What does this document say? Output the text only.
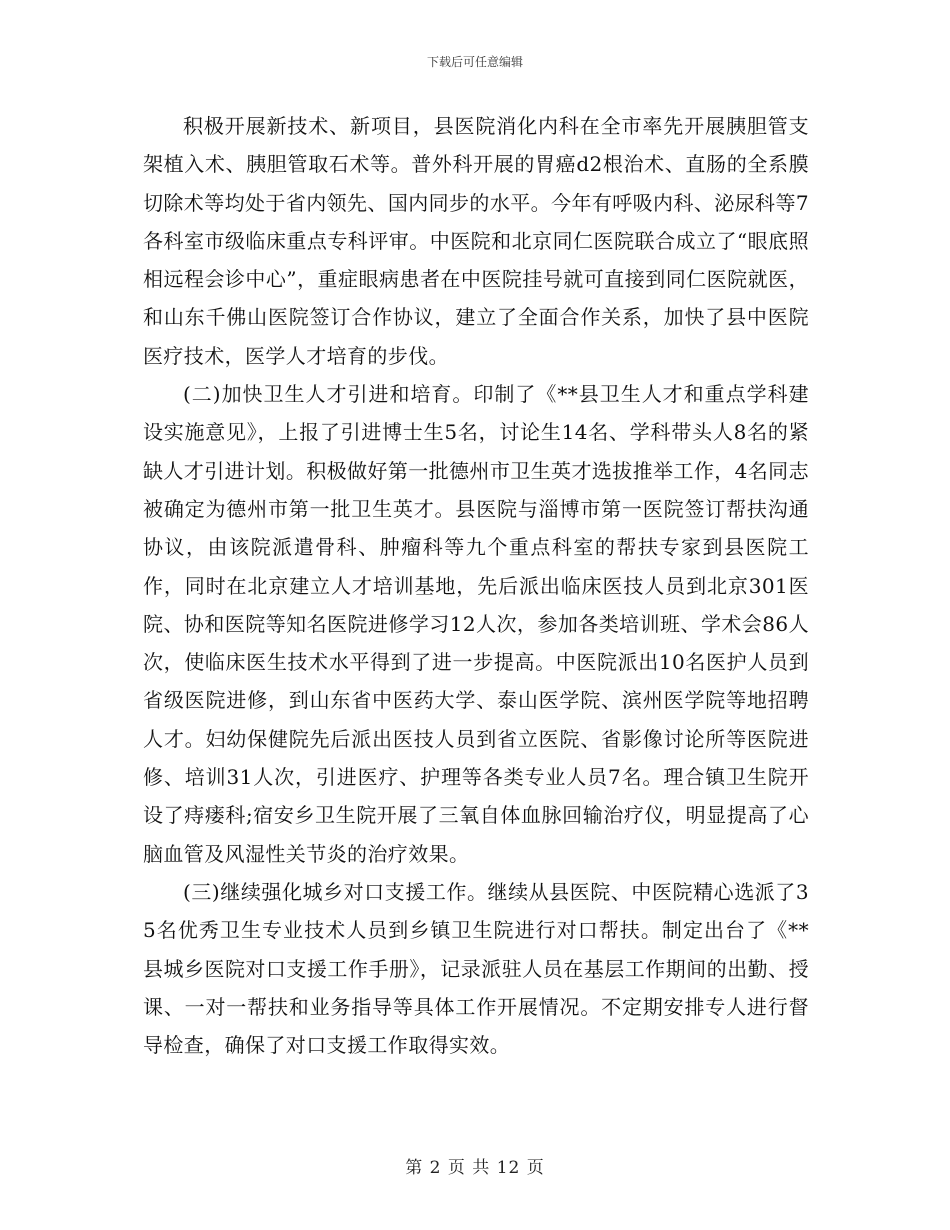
下载后可任意编辑

积极开展新技术、新项目，县医院消化内科在全市率先开展胰胆管支架植入术、胰胆管取石术等。普外科开展的胃癌d2根治术、直肠的全系膜切除术等均处于省内领先、国内同步的水平。今年有呼吸内科、泌尿科等7各科室市级临床重点专科评审。中医院和北京同仁医院联合成立了“眼底照相远程会诊中心”，重症眼病患者在中医院挂号就可直接到同仁医院就医，和山东千佛山医院签订合作协议，建立了全面合作关系，加快了县中医院医疗技术，医学人才培育的步伐。

(二)加快卫生人才引进和培育。印制了《**县卫生人才和重点学科建设实施意见》，上报了引进博士生5名，讨论生14名、学科带头人8名的紧缺人才引进计划。积极做好第一批德州市卫生英才选拔推举工作，4名同志被确定为德州市第一批卫生英才。县医院与淄博市第一医院签订帮扶沟通协议，由该院派遣骨科、肿瘤科等九个重点科室的帮扶专家到县医院工作，同时在北京建立人才培训基地，先后派出临床医技人员到北京301医院、协和医院等知名医院进修学习12人次，参加各类培训班、学术会86人次，使临床医生技术水平得到了进一步提高。中医院派出10名医护人员到省级医院进修，到山东省中医药大学、泰山医学院、滨州医学院等地招聘人才。妇幼保健院先后派出医技人员到省立医院、省影像讨论所等医院进修、培训31人次，引进医疗、护理等各类专业人员7名。理合镇卫生院开设了痔瘘科;宿安乡卫生院开展了三氧自体血脉回输治疗仪，明显提高了心脑血管及风湿性关节炎的治疗效果。

(三)继续强化城乡对口支援工作。继续从县医院、中医院精心选派了35名优秀卫生专业技术人员到乡镇卫生院进行对口帮扶。制定出台了《**县城乡医院对口支援工作手册》，记录派驻人员在基层工作期间的出勤、授课、一对一帮扶和业务指导等具体工作开展情况。不定期安排专人进行督导检查，确保了对口支援工作取得实效。

第 2 页 共 12 页
